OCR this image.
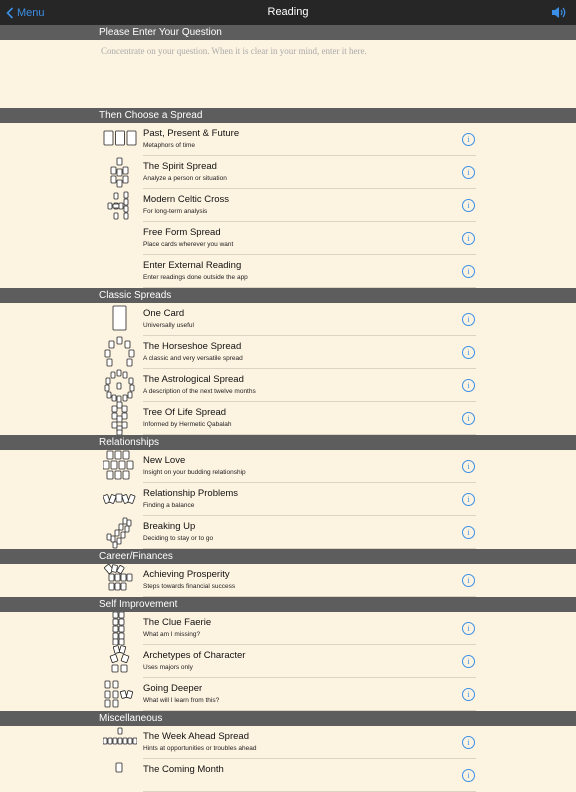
Menu	Reading
Please Enter Your Question
Concentrate on your question. When it is clear in your mind, enter it here.
Then Choose a Spread
Past, Present & Future
Metaphors of time
i
The Spirit Spread
Analyze a person or situation
i
Modern Celtic Cross
For long-term analysis
i
Free Form Spread
Place cards wherever you want
i
Enter External Reading
Enter readings done outside the app
i
Classic Spreads
One Card
Universally useful
i
The Horseshoe Spread
A classic and very versatile spread
i
The Astrological Spread
A description of the next twelve months
i
Tree Of Life Spread
Informed by Hermetic Qabalah
i
Relationships
New Love
Insight on your budding relationship
i
Relationship Problems
Finding a balance
i
Breaking Up
Deciding to stay or to go
i
Career/Finances
Achieving Prosperity
Steps towards financial success
i
Self Improvement
The Clue Faerie
What am I missing?
i
Archetypes of Character
Uses majors only
i
Going Deeper
What will I learn from this?
i
Miscellaneous
The Week Ahead Spread
Hints at opportunities or troubles ahead
i
The Coming Month
i
